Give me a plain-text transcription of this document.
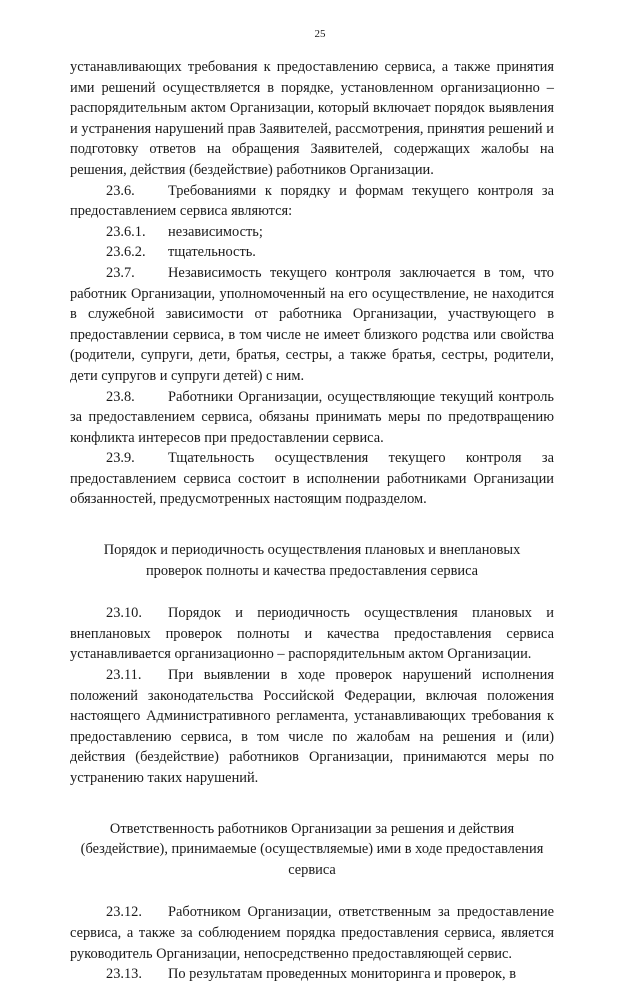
25

устанавливающих требования к предоставлению сервиса, а также принятия ими решений осуществляется в порядке, установленном организационно – распорядительным актом Организации, который включает порядок выявления и устранения нарушений прав Заявителей, рассмотрения, принятия решений и подготовку ответов на обращения Заявителей, содержащих жалобы на решения, действия (бездействие) работников Организации.

23.6. Требованиями к порядку и формам текущего контроля за предоставлением сервиса являются:

23.6.1. независимость;

23.6.2. тщательность.

23.7. Независимость текущего контроля заключается в том, что работник Организации, уполномоченный на его осуществление, не находится в служебной зависимости от работника Организации, участвующего в предоставлении сервиса, в том числе не имеет близкого родства или свойства (родители, супруги, дети, братья, сестры, а также братья, сестры, родители, дети супругов и супруги детей) с ним.

23.8. Работники Организации, осуществляющие текущий контроль за предоставлением сервиса, обязаны принимать меры по предотвращению конфликта интересов при предоставлении сервиса.

23.9. Тщательность осуществления текущего контроля за предоставлением сервиса состоит в исполнении работниками Организации обязанностей, предусмотренных настоящим подразделом.

Порядок и периодичность осуществления плановых и внеплановых
проверок полноты и качества предоставления сервиса

23.10. Порядок и периодичность осуществления плановых и внеплановых проверок полноты и качества предоставления сервиса устанавливается организационно – распорядительным актом Организации.

23.11. При выявлении в ходе проверок нарушений исполнения положений законодательства Российской Федерации, включая положения настоящего Административного регламента, устанавливающих требования к предоставлению сервиса, в том числе по жалобам на решения и (или) действия (бездействие) работников Организации, принимаются меры по устранению таких нарушений.

Ответственность работников Организации за решения и действия
(бездействие), принимаемые (осуществляемые) ими в ходе предоставления
сервиса

23.12. Работником Организации, ответственным за предоставление сервиса, а также за соблюдением порядка предоставления сервиса, является руководитель Организации, непосредственно предоставляющей сервис.

23.13. По результатам проведенных мониторинга и проверок, в
